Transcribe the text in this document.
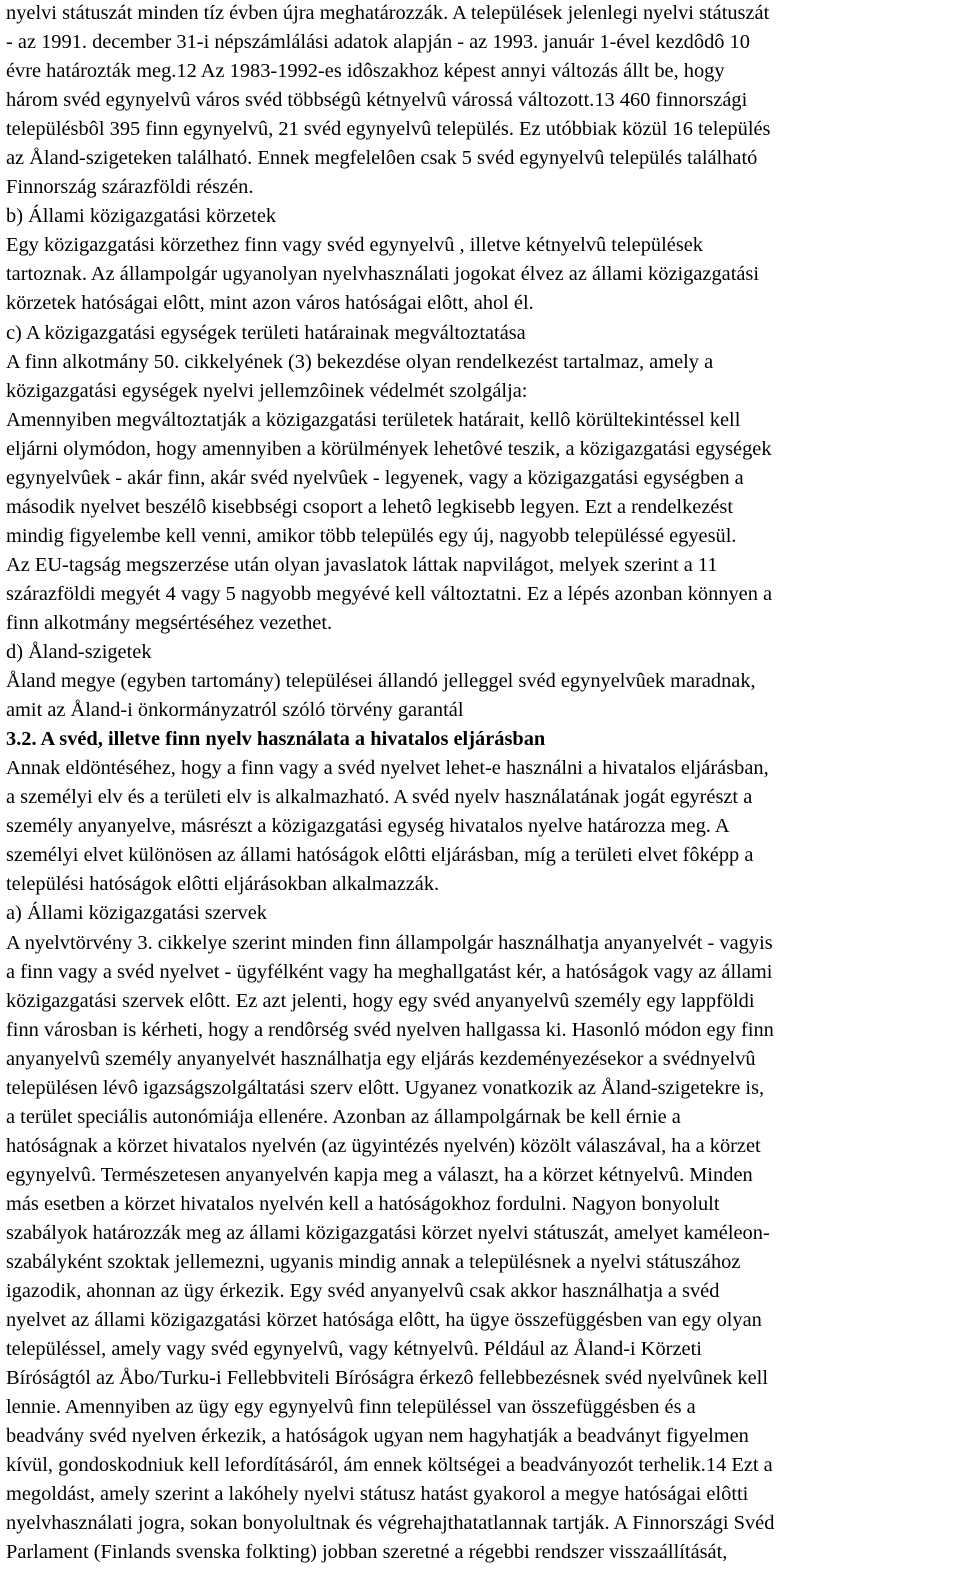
nyelvi státuszát minden tíz évben újra meghatározzák. A települések jelenlegi nyelvi státuszát
- az 1991. december 31-i népszámlálási adatok alapján - az 1993. január 1-ével kezdôdô 10
évre határozták meg.12 Az 1983-1992-es idôszakhoz képest annyi változás állt be, hogy
három svéd egynyelvû város svéd többségû kétnyelvû várossá változott.13 460 finnországi
településbôl 395 finn egynyelvû, 21 svéd egynyelvû település. Ez utóbbiak közül 16 település
az Åland-szigeteken található. Ennek megfelelôen csak 5 svéd egynyelvû település található
Finnország szárazföldi részén.
b) Állami közigazgatási körzetek
Egy közigazgatási körzethez finn vagy svéd egynyelvû , illetve kétnyelvû települések
tartoznak. Az állampolgár ugyanolyan nyelvhasználati jogokat élvez az állami közigazgatási
körzetek hatóságai elôtt, mint azon város hatóságai elôtt, ahol él.
c) A közigazgatási egységek területi határainak megváltoztatása
A finn alkotmány 50. cikkelyének (3) bekezdése olyan rendelkezést tartalmaz, amely a
közigazgatási egységek nyelvi jellemzôinek védelmét szolgálja:
Amennyiben megváltoztatják a közigazgatási területek határait, kellô körültekintéssel kell
eljárni olymódon, hogy amennyiben a körülmények lehetôvé teszik, a közigazgatási egységek
egynyelvûek - akár finn, akár svéd nyelvûek - legyenek, vagy a közigazgatási egységben a
második nyelvet beszélô kisebbségi csoport a lehetô legkisebb legyen. Ezt a rendelkezést
mindig figyelembe kell venni, amikor több település egy új, nagyobb településsé egyesül.
Az EU-tagság megszerzése után olyan javaslatok láttak napvilágot, melyek szerint a 11
szárazföldi megyét 4 vagy 5 nagyobb megyévé kell változtatni. Ez a lépés azonban könnyen a
finn alkotmány megsértéséhez vezethet.
d) Åland-szigetek
Åland megye (egyben tartomány) települései állandó jelleggel svéd egynyelvûek maradnak,
amit az Åland-i önkormányzatról szóló törvény garantál
3.2. A svéd, illetve finn nyelv használata a hivatalos eljárásban
Annak eldöntéséhez, hogy a finn vagy a svéd nyelvet lehet-e használni a hivatalos eljárásban,
a személyi elv és a területi elv is alkalmazható. A svéd nyelv használatának jogát egyrészt a
személy anyanyelve, másrészt a közigazgatási egység hivatalos nyelve határozza meg. A
személyi elvet különösen az állami hatóságok elôtti eljárásban, míg a területi elvet fôképp a
települési hatóságok elôtti eljárásokban alkalmazzák.
a) Állami közigazgatási szervek
A nyelvtörvény 3. cikkelye szerint minden finn állampolgár használhatja anyanyelvét - vagyis
a finn vagy a svéd nyelvet - ügyfélként vagy ha meghallgatást kér, a hatóságok vagy az állami
közigazgatási szervek elôtt. Ez azt jelenti, hogy egy svéd anyanyelvû személy egy lappföldi
finn városban is kérheti, hogy a rendôrség svéd nyelven hallgassa ki. Hasonló módon egy finn
anyanyelvû személy anyanyelvét használhatja egy eljárás kezdeményezésekor a svédnyelvû
településen lévô igazságszolgáltatási szerv elôtt. Ugyanez vonatkozik az Åland-szigetekre is,
a terület speciális autonómiája ellenére. Azonban az állampolgárnak be kell érnie a
hatóságnak a körzet hivatalos nyelvén (az ügyintézés nyelvén) közölt válaszával, ha a körzet
egynyelvû. Természetesen anyanyelvén kapja meg a választ, ha a körzet kétnyelvû. Minden
más esetben a körzet hivatalos nyelvén kell a hatóságokhoz fordulni. Nagyon bonyolult
szabályok határozzák meg az állami közigazgatási körzet nyelvi státuszát, amelyet kaméleon-
szabályként szoktak jellemezni, ugyanis mindig annak a településnek a nyelvi státuszához
igazodik, ahonnan az ügy érkezik. Egy svéd anyanyelvû csak akkor használhatja a svéd
nyelvet az állami közigazgatási körzet hatósága elôtt, ha ügye összefüggésben van egy olyan
településsel, amely vagy svéd egynyelvû, vagy kétnyelvû. Például az Åland-i Körzeti
Bíróságtól az Åbo/Turku-i Fellebbviteli Bíróságra érkezô fellebbezésnek svéd nyelvûnek kell
lennie. Amennyiben az ügy egy egynyelvû finn településsel van összefüggésben és a
beadvány svéd nyelven érkezik, a hatóságok ugyan nem hagyhatják a beadványt figyelmen
kívül, gondoskodniuk kell lefordításáról, ám ennek költségei a beadványozót terhelik.14 Ezt a
megoldást, amely szerint a lakóhely nyelvi státusz hatást gyakorol a megye hatóságai elôtti
nyelvhasználati jogra, sokan bonyolultnak és végrehajthatatlannak tartják. A Finnországi Svéd
Parlament (Finlands svenska folkting) jobban szeretné a régebbi rendszer visszaállítását,
